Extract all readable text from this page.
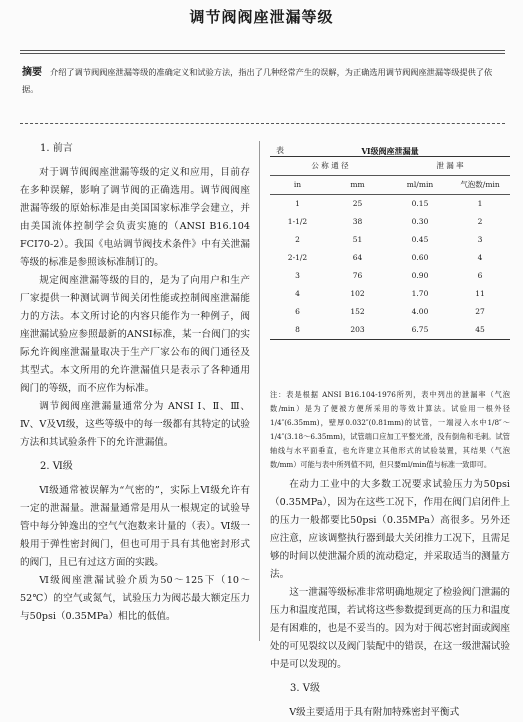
调节阀阀座泄漏等级
摘要 介绍了调节阀阀座泄漏等级的准确定义和试验方法，指出了几种经常产生的误解，为正确选用调节阀阀座泄漏等级提供了依据。

1. 前言

对于调节阀阀座泄漏等级的定义和应用，目前存在多种误解，影响了调节阀的正确选用。调节阀阀座泄漏等级的原始标准是由美国国家标准学会建立，并由美国流体控制学会负责实施的（ANSI B16.104 FCI70-2）。我国《电站调节阀技术条件》中有关泄漏等级的标准是参照该标准制订的。

规定阀座泄漏等级的目的，是为了向用户和生产厂家提供一种测试调节阀关闭性能或控制阀座泄漏能力的方法。本文所讨论的内容只能作为一种例子，阀座泄漏试验应参照最新的ANSI标准，某一台阀门的实际允许阀座泄漏量取决于生产厂家公布的阀门通径及其型式。本文所用的允许泄漏值只是表示了各种通用阀门的等级，而不应作为标准。

调节阀阀座泄漏量通常分为 ANSI Ⅰ、Ⅱ、Ⅲ、Ⅳ、Ⅴ及Ⅵ级，这些等级中的每一级都有其特定的试验方法和其试验条件下的允许泄漏值。

2. Ⅵ级

Ⅵ级通常被误解为“气密的”，实际上Ⅵ级允许有一定的泄漏量。泄漏量通常是用从一根规定的试验导管中每分钟逸出的空气气泡数来计量的（表）。Ⅵ级一般用于弹性密封阀门，但也可用于具有其他密封形式的阀门，且已有过这方面的实践。

Ⅵ级阀座泄漏试验介质为50～125下（10～52℃）的空气或氮气，试验压力为阀芯最大额定压力与50psi（0.35MPa）相比的低值。

表	Ⅵ级阀座泄漏量
公 称 通 径		泄 漏 率	
in	mm	ml/min	气泡数/min
1	25	0.15	1
1-1/2	38	0.30	2
2	51	0.45	3
2-1/2	64	0.60	4
3	76	0.90	6
4	102	1.70	11
6	152	4.00	27
8	203	6.75	45
注：表是根据 ANSI B16.104-1976所列，表中列出的泄漏率（气泡数/min）是为了便被方便所采用的等效计算法。试验用一根外径1/4″(6.35mm)，壁厚0.032″(0.81mm)的试管，一端浸入水中1/8″～1/4″(3.18～6.35mm)，试管端口应加工平整光滑，没有倒角和毛刺。试管轴线与水平面垂直，也允许建立其他形式的试验装置，其结果（气泡数/mm）可能与表中所列值不同，但只要ml/min值与标准一致即可。

在动力工业中的大多数工况要求试验压力为50psi（0.35MPa），因为在这些工况下，作用在阀门启闭件上的压力一般都要比50psi（0.35MPa）高很多。另外还应注意，应该调整执行器到最大关闭推力工况下，且需足够的时间以使泄漏介质的流动稳定，并采取适当的测量方法。

这一泄漏等级标准非常明确地规定了检验阀门泄漏的压力和温度范围，若试将这些参数提到更高的压力和温度是有困难的，也是不妥当的。因为对于阀芯密封面或阀座处的可见裂纹以及阀门装配中的错误，在这一级泄漏试验中是可以发现的。

3. Ⅴ级

Ⅴ级主要适用于具有附加特殊密封平衡式
